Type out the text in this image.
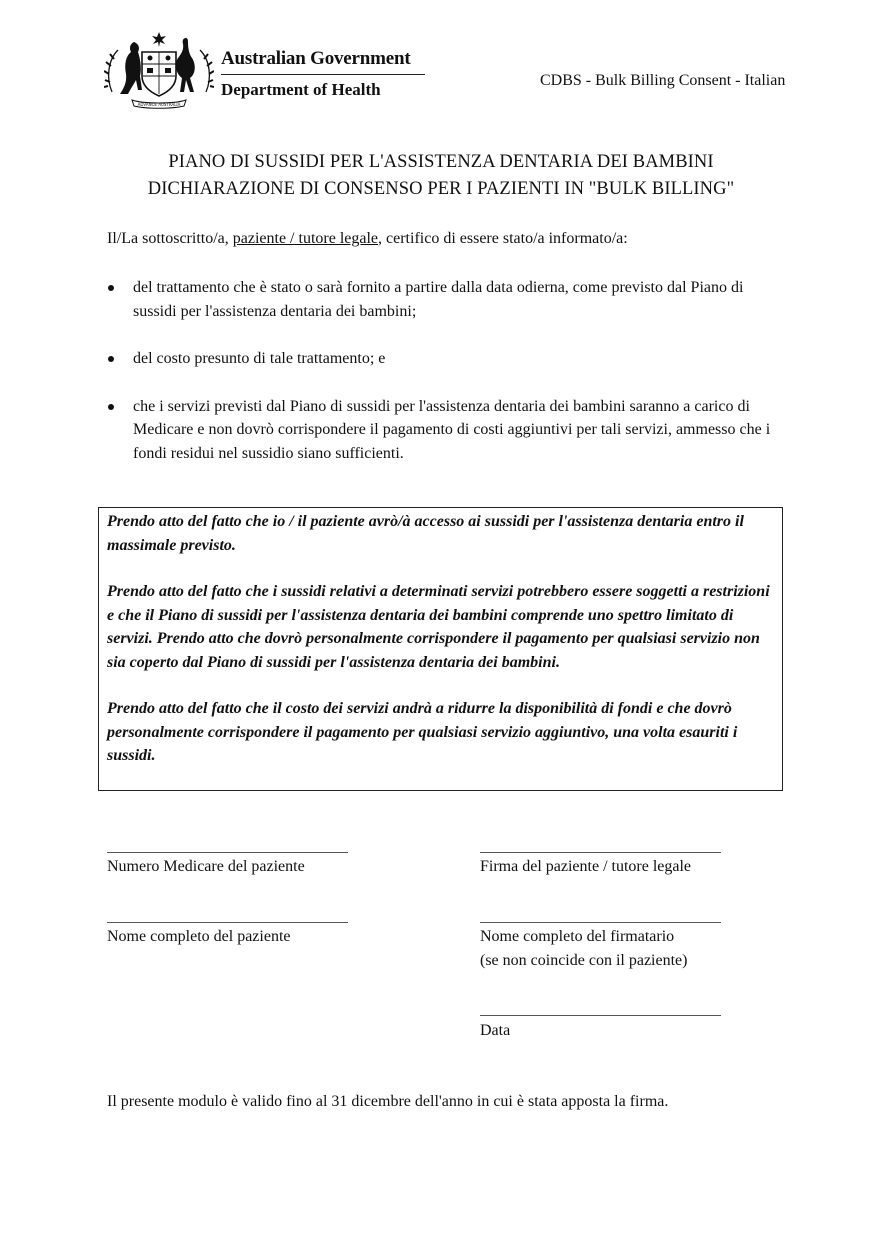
ADVANCE AUSTRALIA
Australian Government
Department of Health	CDBS - Bulk Billing Consent - Italian
PIANO DI SUSSIDI PER L'ASSISTENZA DENTARIA DEI BAMBINI
DICHIARAZIONE DI CONSENSO PER I PAZIENTI IN "BULK BILLING"
Il/La sottoscritto/a, paziente / tutore legale, certifico di essere stato/a informato/a:
del trattamento che è stato o sarà fornito a partire dalla data odierna, come previsto dal Piano di sussidi per l'assistenza dentaria dei bambini;
del costo presunto di tale trattamento; e
che i servizi previsti dal Piano di sussidi per l'assistenza dentaria dei bambini saranno a carico di Medicare e non dovrò corrispondere il pagamento di costi aggiuntivi per tali servizi, ammesso che i fondi residui nel sussidio siano sufficienti.

Prendo atto del fatto che io / il paziente avrò/à accesso ai sussidi per l'assistenza dentaria entro il massimale previsto.

Prendo atto del fatto che i sussidi relativi a determinati servizi potrebbero essere soggetti a restrizioni e che il Piano di sussidi per l'assistenza dentaria dei bambini comprende uno spettro limitato di servizi. Prendo atto che dovrò personalmente corrispondere il pagamento per qualsiasi servizio non sia coperto dal Piano di sussidi per l'assistenza dentaria dei bambini.

Prendo atto del fatto che il costo dei servizi andrà a ridurre la disponibilità di fondi e che dovrò personalmente corrispondere il pagamento per qualsiasi servizio aggiuntivo, una volta esauriti i sussidi.

Numero Medicare del paziente	Firma del paziente / tutore legale
Nome completo del paziente	Nome completo del firmatario
(se non coincide con il paziente)
Data
Il presente modulo è valido fino al 31 dicembre dell'anno in cui è stata apposta la firma.
